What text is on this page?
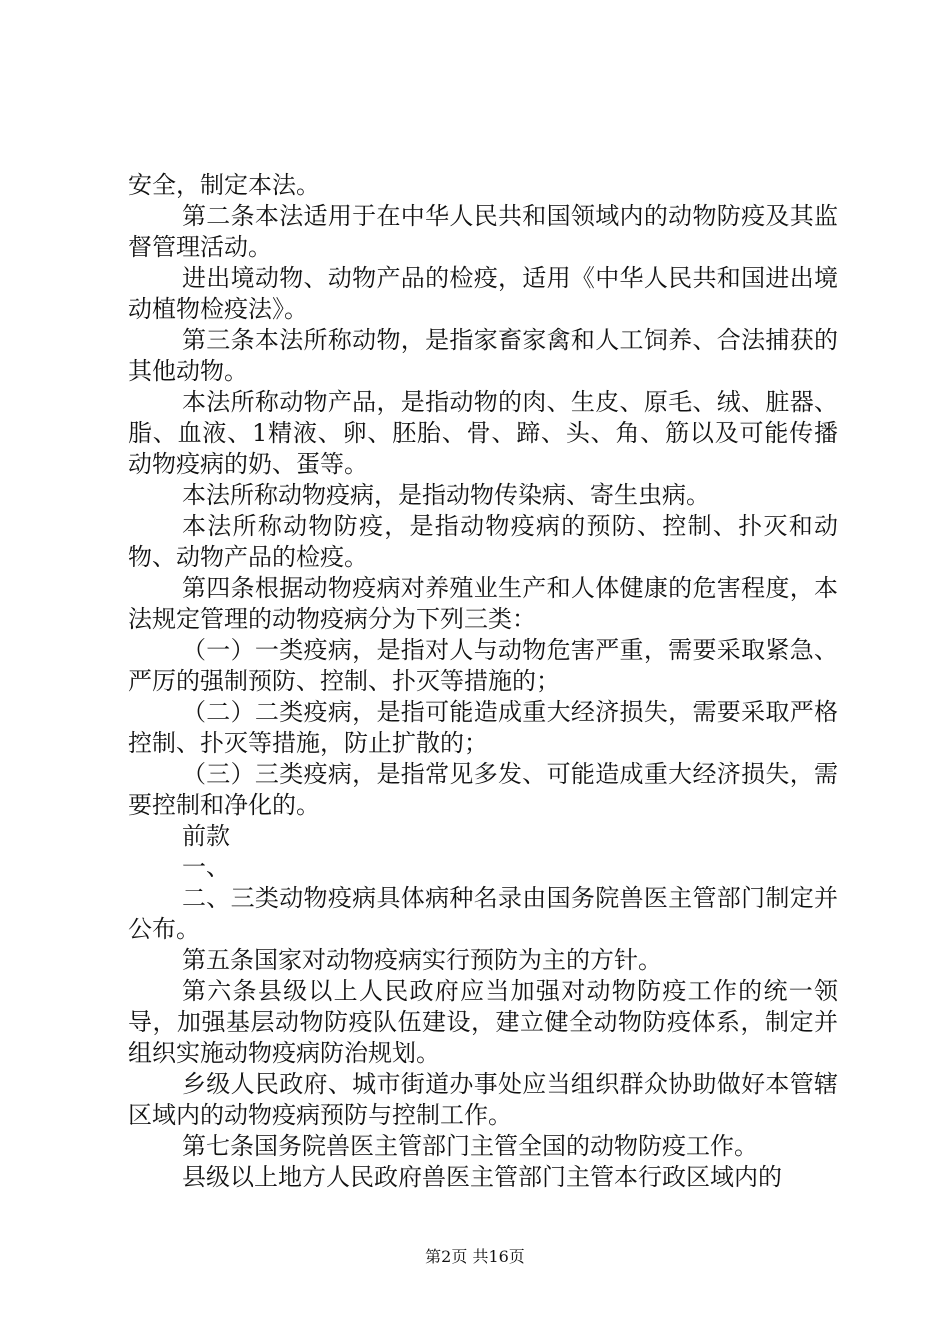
安全，制定本法。

第二条本法适用于在中华人民共和国领域内的动物防疫及其监督管理活动。

进出境动物、动物产品的检疫，适用《中华人民共和国进出境动植物检疫法》。

第三条本法所称动物，是指家畜家禽和人工饲养、合法捕获的其他动物。

本法所称动物产品，是指动物的肉、生皮、原毛、绒、脏器、脂、血液、1精液、卵、胚胎、骨、蹄、头、角、筋以及可能传播动物疫病的奶、蛋等。

本法所称动物疫病，是指动物传染病、寄生虫病。

本法所称动物防疫，是指动物疫病的预防、控制、扑灭和动物、动物产品的检疫。

第四条根据动物疫病对养殖业生产和人体健康的危害程度，本法规定管理的动物疫病分为下列三类：

（一）一类疫病，是指对人与动物危害严重，需要采取紧急、严厉的强制预防、控制、扑灭等措施的；

（二）二类疫病，是指可能造成重大经济损失，需要采取严格控制、扑灭等措施，防止扩散的；

（三）三类疫病，是指常见多发、可能造成重大经济损失，需要控制和净化的。

前款

一、

二、三类动物疫病具体病种名录由国务院兽医主管部门制定并公布。

第五条国家对动物疫病实行预防为主的方针。

第六条县级以上人民政府应当加强对动物防疫工作的统一领导，加强基层动物防疫队伍建设，建立健全动物防疫体系，制定并组织实施动物疫病防治规划。

乡级人民政府、城市街道办事处应当组织群众协助做好本管辖区域内的动物疫病预防与控制工作。

第七条国务院兽医主管部门主管全国的动物防疫工作。

县级以上地方人民政府兽医主管部门主管本行政区域内的

第2页 共16页
